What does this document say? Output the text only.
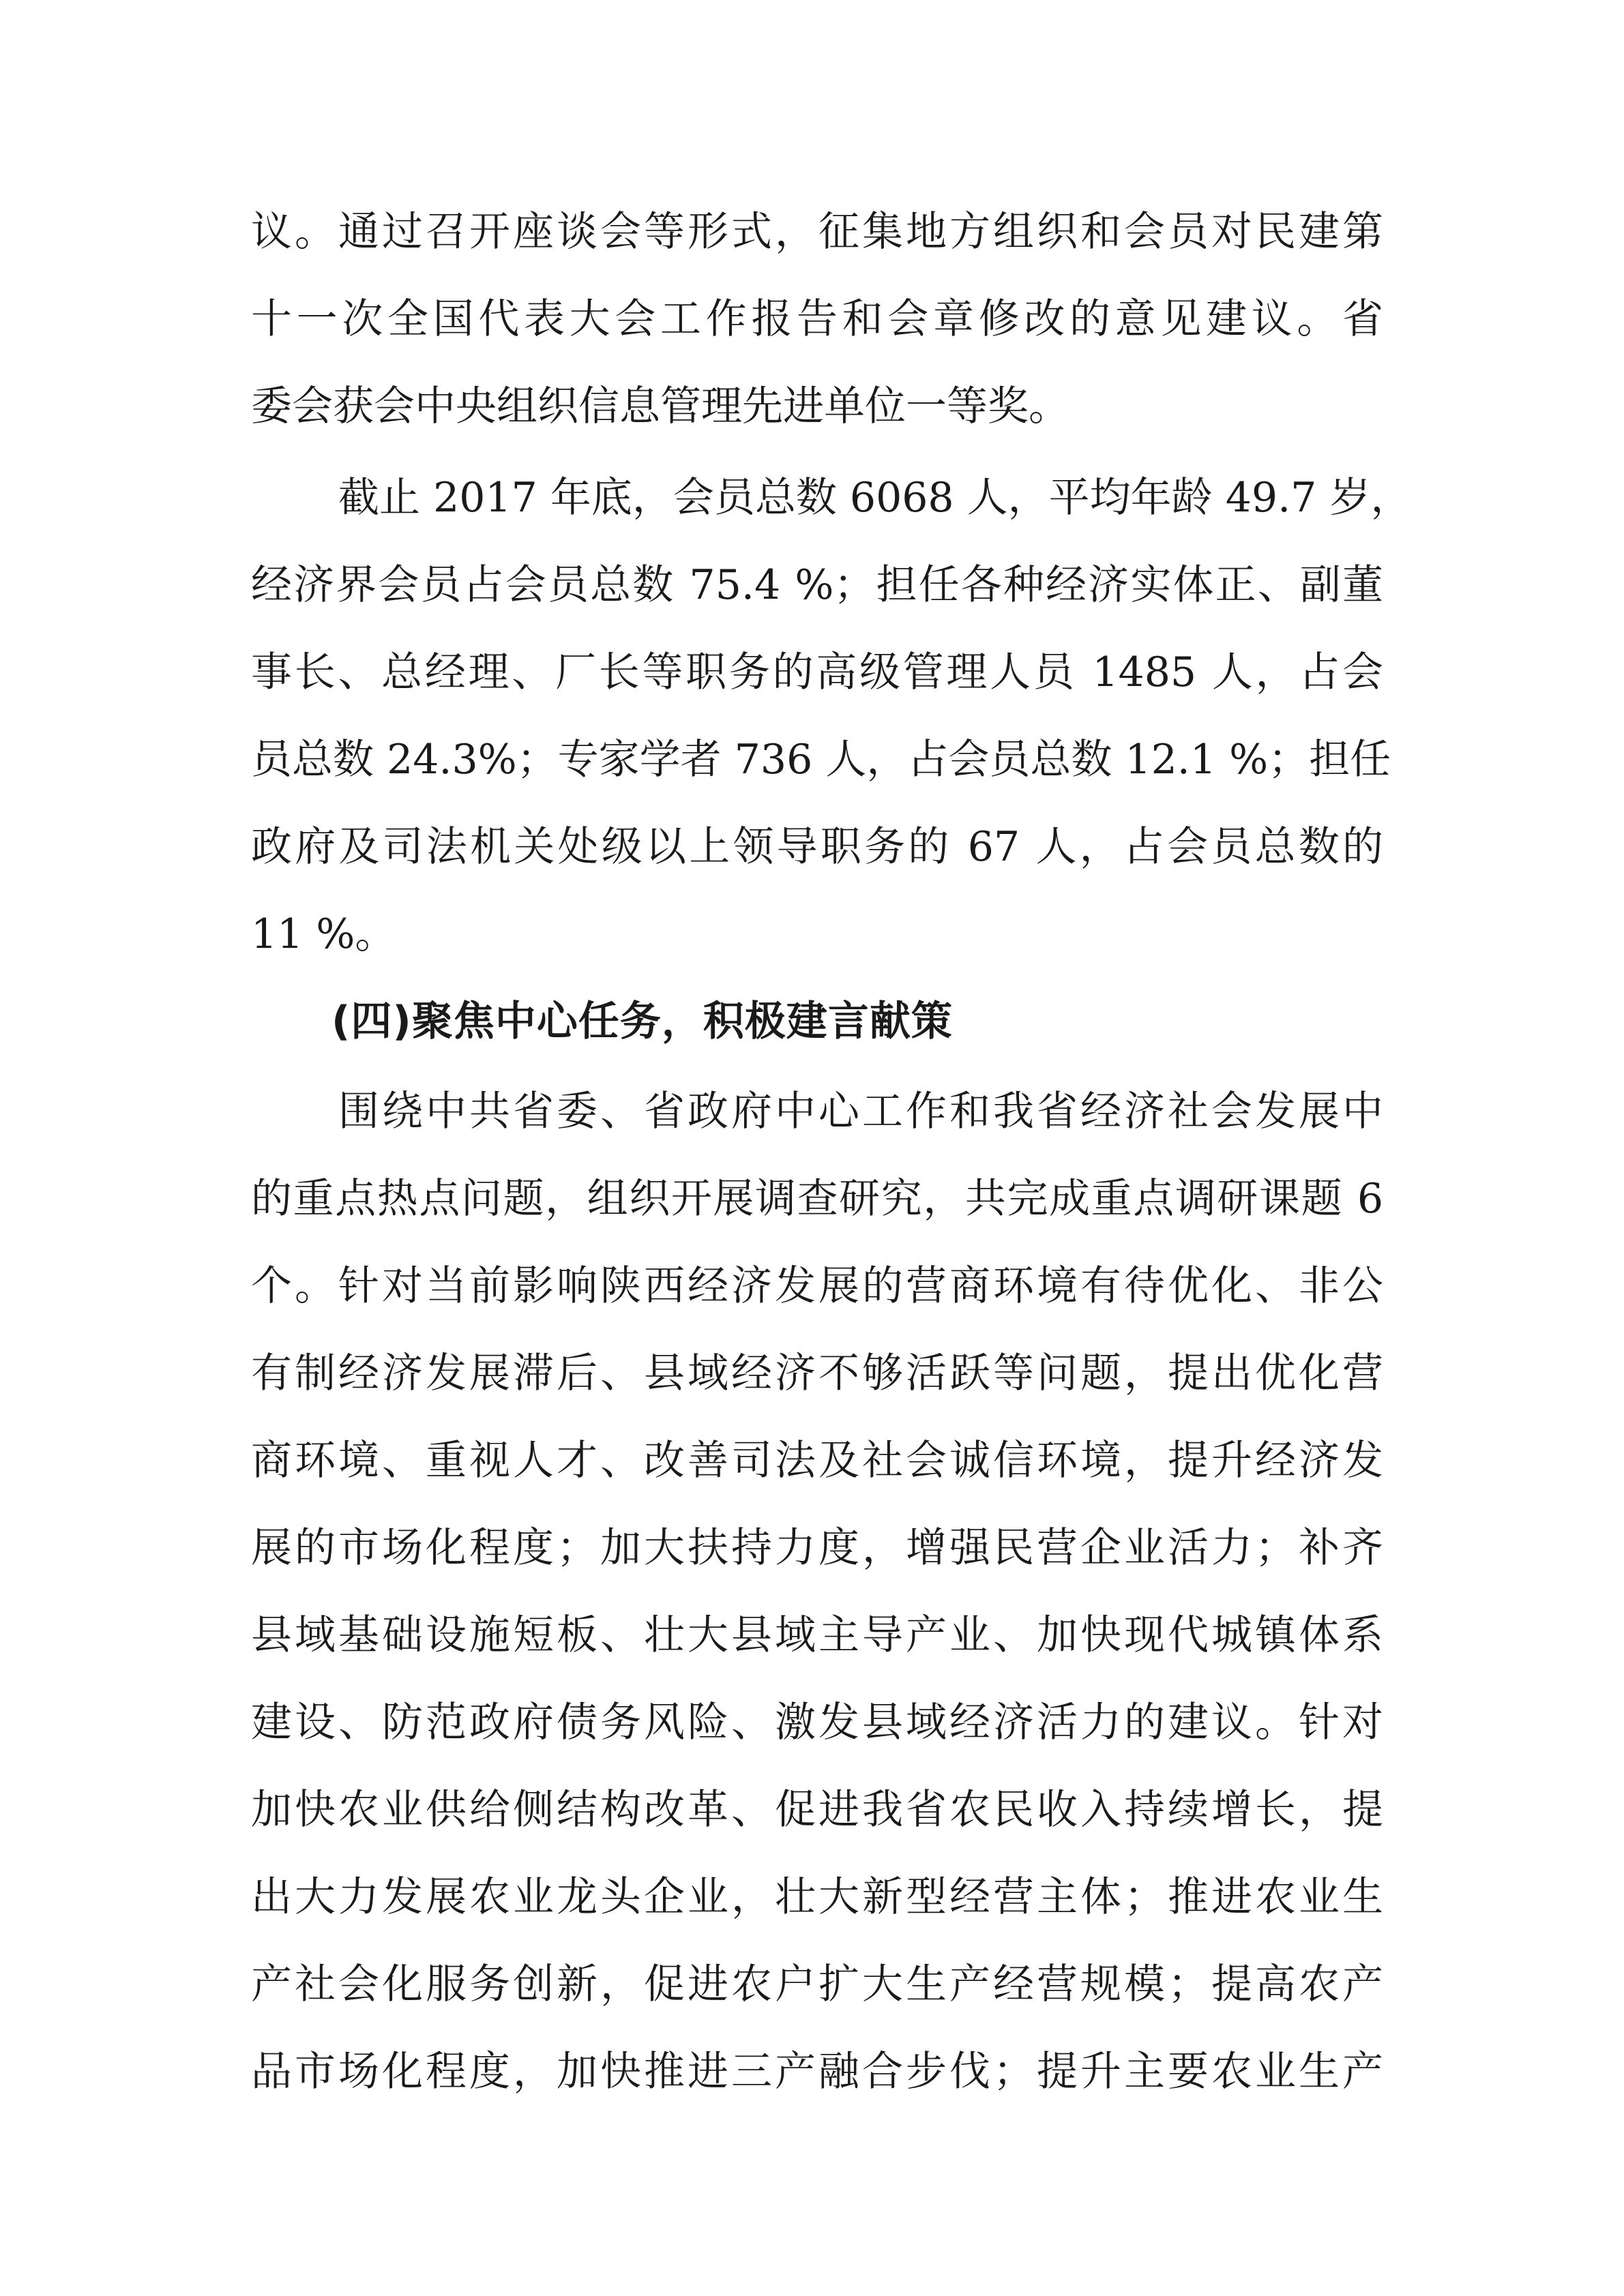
议。通过召开座谈会等形式，征集地方组织和会员对民建第
十一次全国代表大会工作报告和会章修改的意见建议。省
委会获会中央组织信息管理先进单位一等奖。
截止 2017 年底，会员总数 6068 人，平均年龄 49.7 岁，
经济界会员占会员总数 75.4 %；担任各种经济实体正、副董
事长、总经理、厂长等职务的高级管理人员 1485 人，占会
员总数 24.3%；专家学者 736 人，占会员总数 12.1 %；担任
政府及司法机关处级以上领导职务的 67 人，占会员总数的
11 %。
(四)聚焦中心任务，积极建言献策
围绕中共省委、省政府中心工作和我省经济社会发展中
的重点热点问题，组织开展调查研究，共完成重点调研课题 6
个。针对当前影响陕西经济发展的营商环境有待优化、非公
有制经济发展滞后、县域经济不够活跃等问题，提出优化营
商环境、重视人才、改善司法及社会诚信环境，提升经济发
展的市场化程度；加大扶持力度，增强民营企业活力；补齐
县域基础设施短板、壮大县域主导产业、加快现代城镇体系
建设、防范政府债务风险、激发县域经济活力的建议。针对
加快农业供给侧结构改革、促进我省农民收入持续增长，提
出大力发展农业龙头企业，壮大新型经营主体；推进农业生
产社会化服务创新，促进农户扩大生产经营规模；提高农产
品市场化程度，加快推进三产融合步伐；提升主要农业生产
